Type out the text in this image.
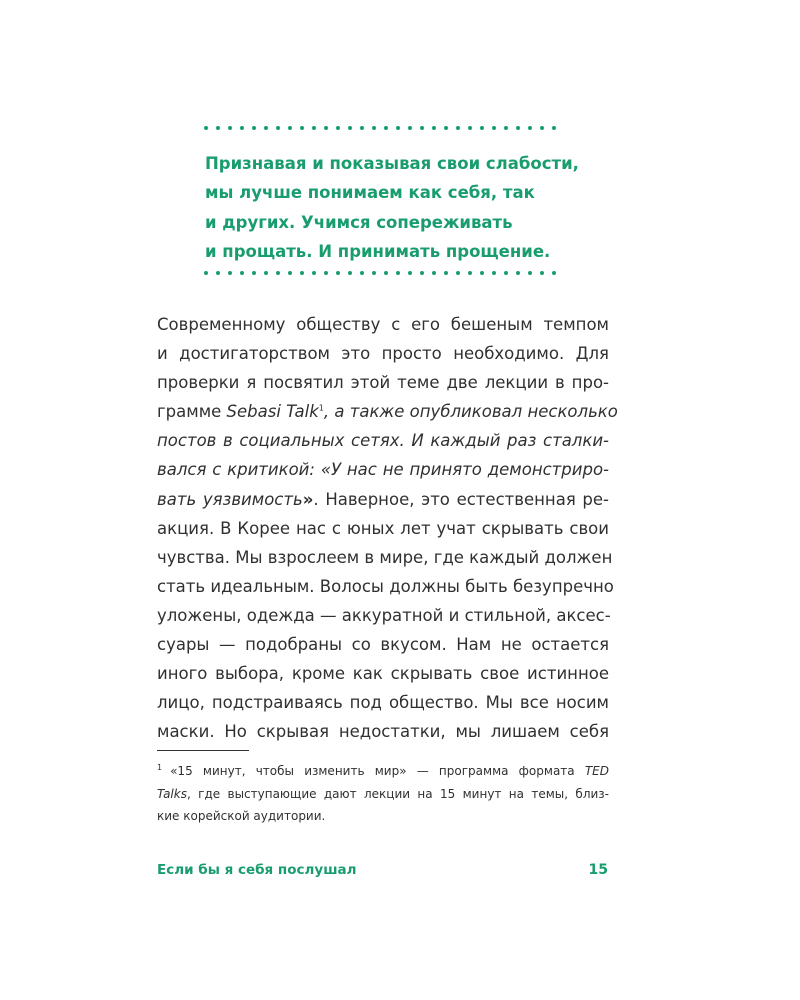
Признавая и показывая свои слабости,
мы лучше понимаем как себя, так
и других. Учимся сопереживать
и прощать. И принимать прощение.
Современному обществу с его бешеным темпом
и достигаторством это просто необходимо. Для
проверки я посвятил этой теме две лекции в про-
грамме Sebasi Talk$^1$, а также опубликовал несколько
постов в социальных сетях. И каждый раз сталки-
вался с критикой: «У нас не принято демонстриро-
вать уязвимость». Наверное, это естественная ре-
акция. В Корее нас с юных лет учат скрывать свои
чувства. Мы взрослеем в мире, где каждый должен
стать идеальным. Волосы должны быть безупречно
уложены, одежда — аккуратной и стильной, аксес-
суары — подобраны со вкусом. Нам не остается
иного выбора, кроме как скрывать свое истинное
лицо, подстраиваясь под общество. Мы все носим
маски. Но скрывая недостатки, мы лишаем себя
$^1$ «15 минут, чтобы изменить мир» — программа формата TED
Talks, где выступающие дают лекции на 15 минут на темы, близ-
кие корейской аудитории.
Если бы я себя послушал	15
